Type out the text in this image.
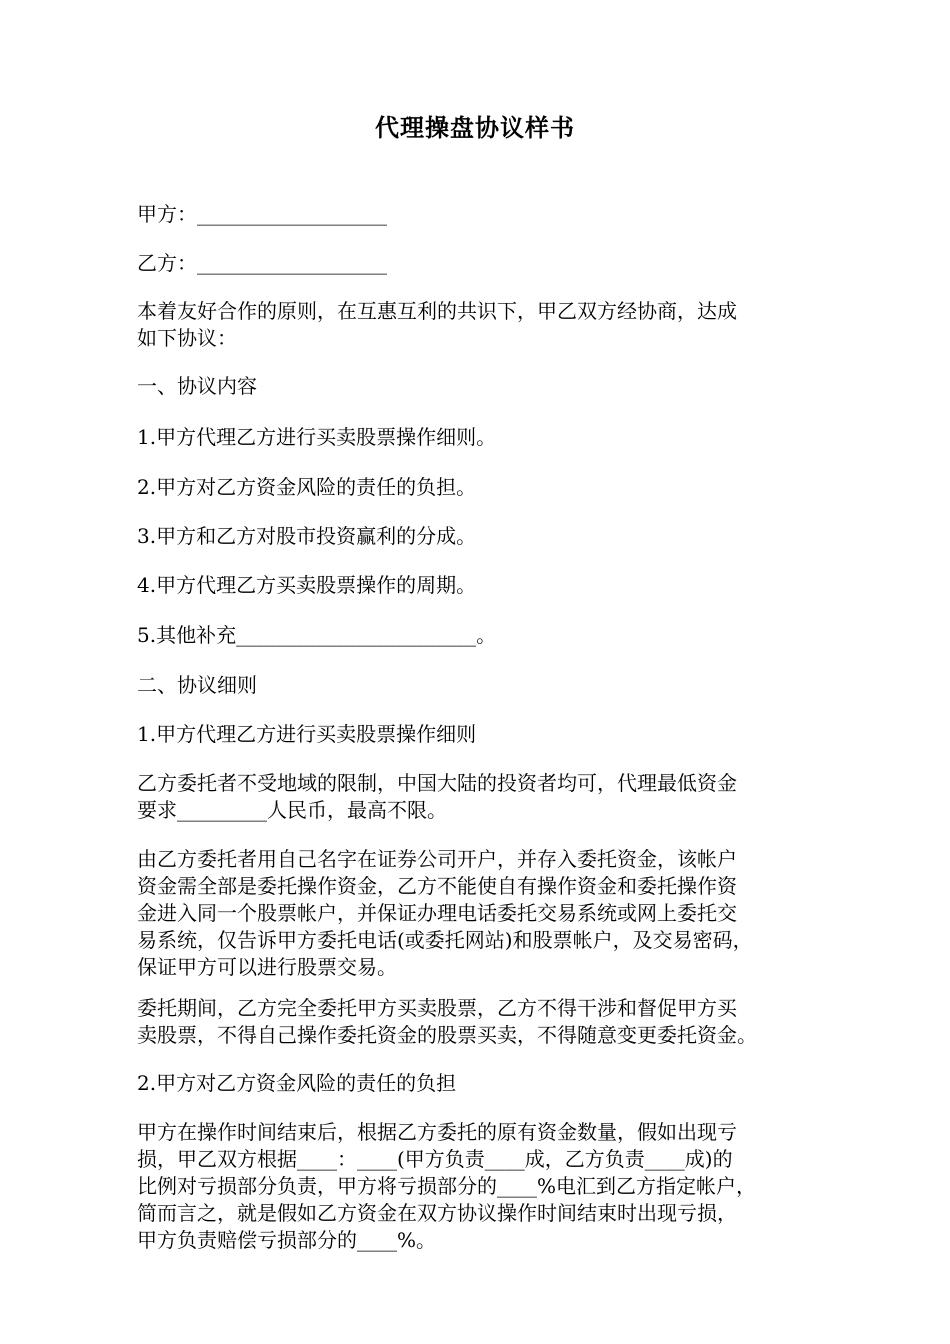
代理操盘协议样书
甲方：___________________
乙方：___________________
本着友好合作的原则，在互惠互利的共识下，甲乙双方经协商，达成
如下协议：
一、协议内容
1.甲方代理乙方进行买卖股票操作细则。
2.甲方对乙方资金风险的责任的负担。
3.甲方和乙方对股市投资赢利的分成。
4.甲方代理乙方买卖股票操作的周期。
5.其他补充________________________。
二、协议细则
1.甲方代理乙方进行买卖股票操作细则
乙方委托者不受地域的限制，中国大陆的投资者均可，代理最低资金
要求_________人民币，最高不限。
由乙方委托者用自己名字在证券公司开户，并存入委托资金，该帐户
资金需全部是委托操作资金，乙方不能使自有操作资金和委托操作资
金进入同一个股票帐户，并保证办理电话委托交易系统或网上委托交
易系统，仅告诉甲方委托电话(或委托网站)和股票帐户，及交易密码，
保证甲方可以进行股票交易。
委托期间，乙方完全委托甲方买卖股票，乙方不得干涉和督促甲方买
卖股票，不得自己操作委托资金的股票买卖，不得随意变更委托资金。
2.甲方对乙方资金风险的责任的负担
甲方在操作时间结束后，根据乙方委托的原有资金数量，假如出现亏
损，甲乙双方根据____：____(甲方负责____成，乙方负责____成)的
比例对亏损部分负责，甲方将亏损部分的____%电汇到乙方指定帐户，
简而言之，就是假如乙方资金在双方协议操作时间结束时出现亏损，
甲方负责赔偿亏损部分的____%。
